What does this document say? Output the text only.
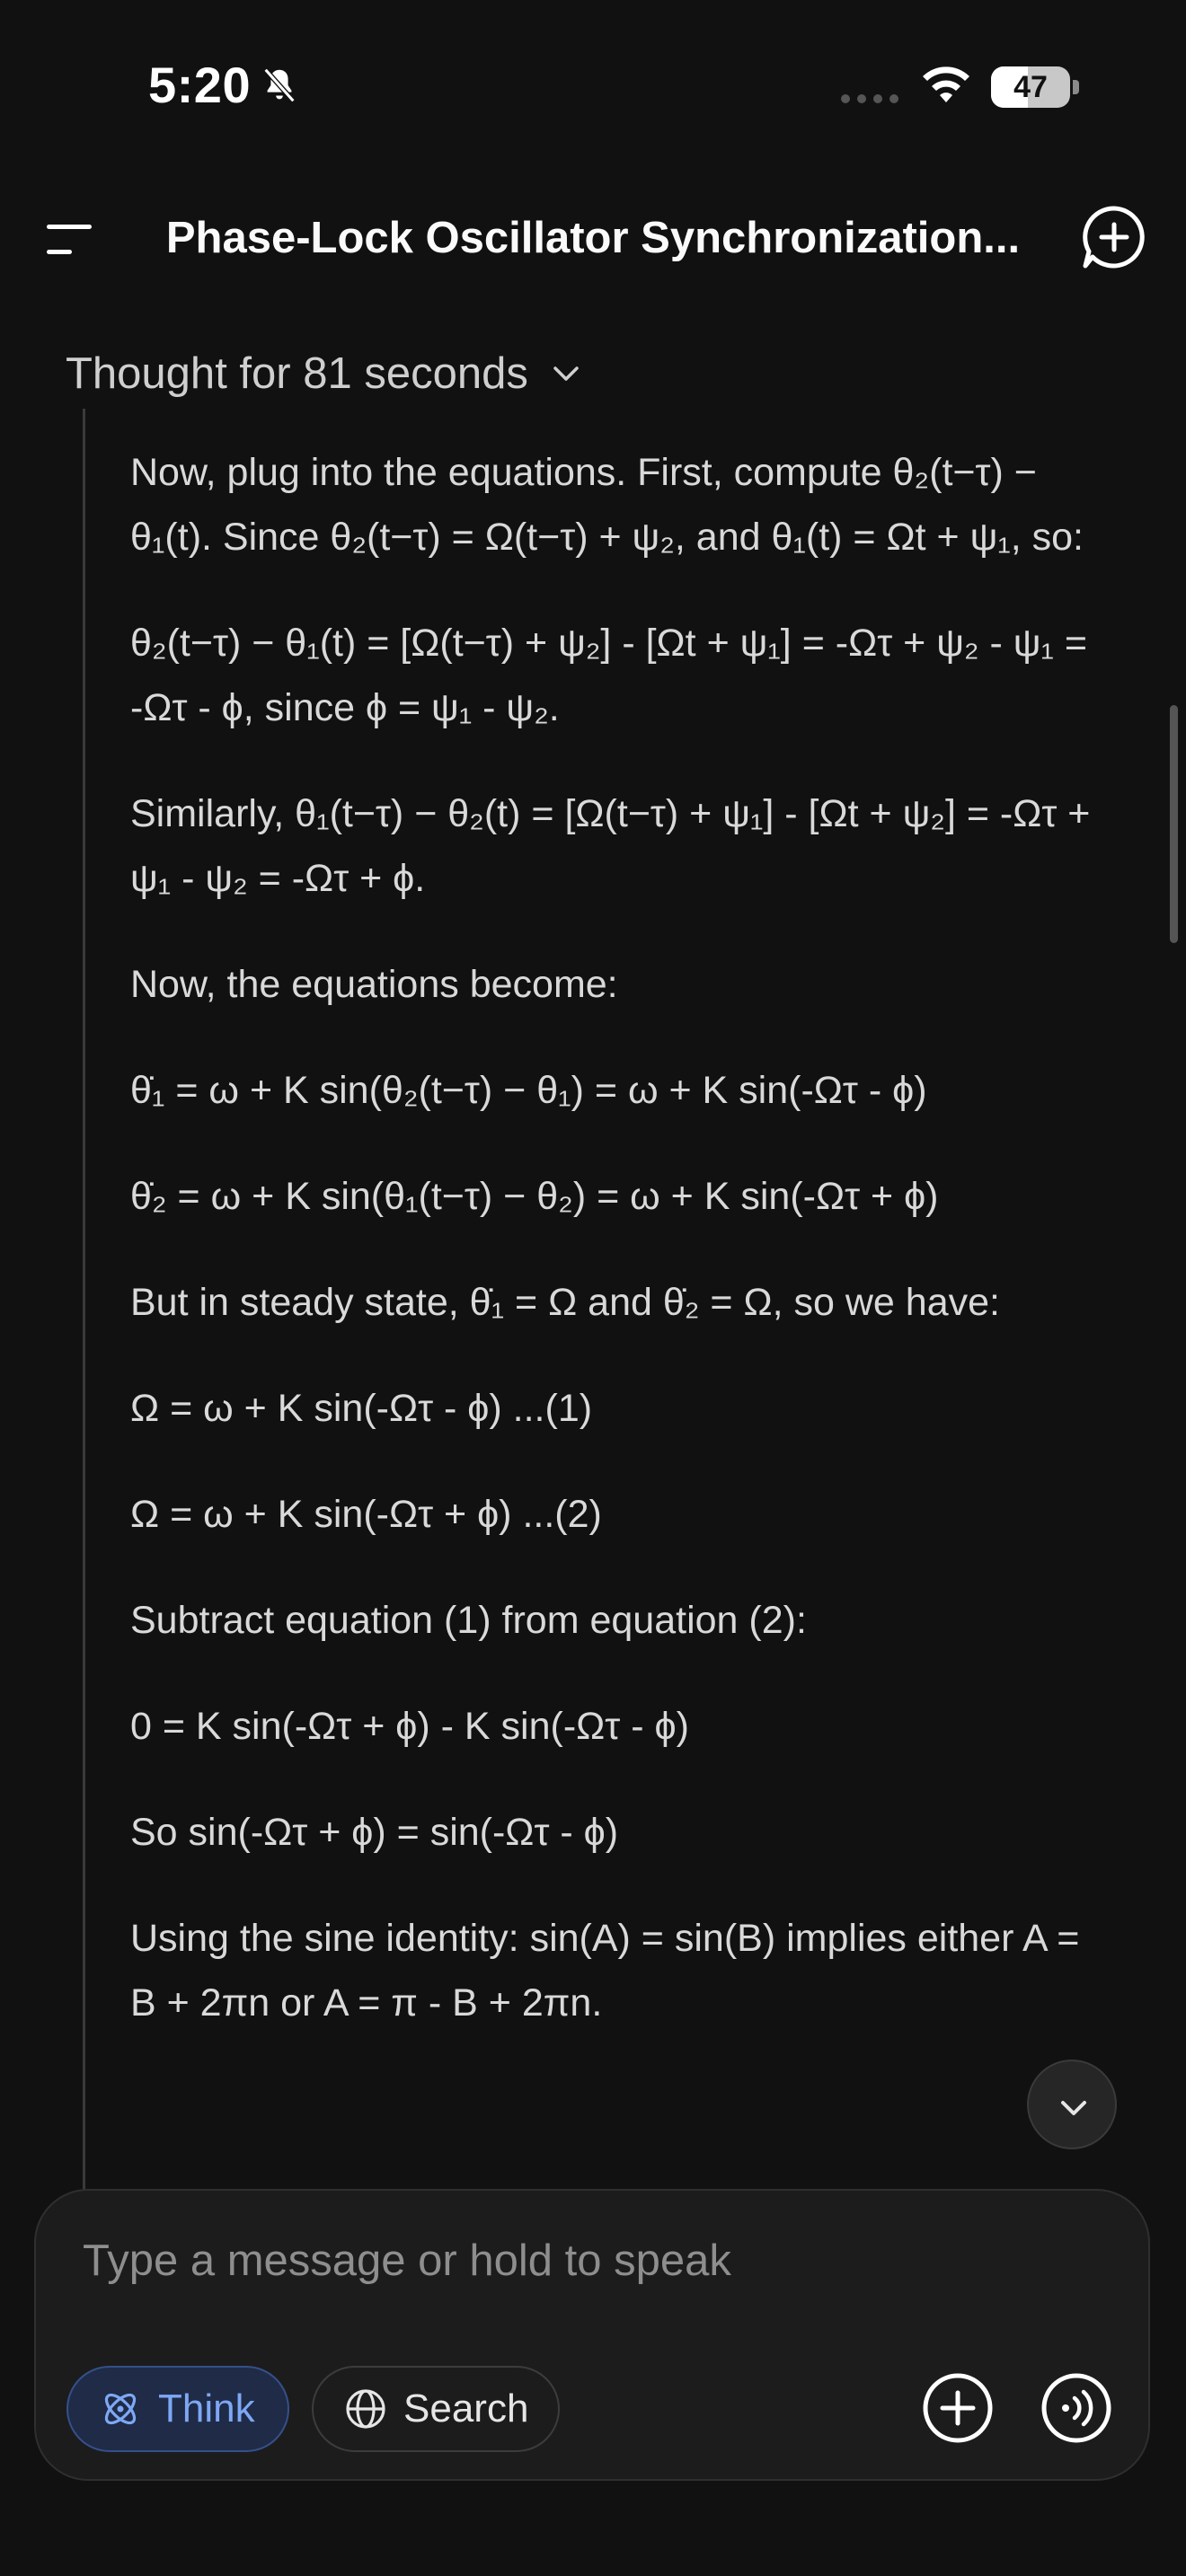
5:20	47
Phase-Lock Oscillator Synchronization...
Thought for 81 seconds

Now, plug into the equations. First, compute θ₂(t−τ) − θ₁(t). Since θ₂(t−τ) = Ω(t−τ) + ψ₂, and θ₁(t) = Ωt + ψ₁, so:

θ₂(t−τ) − θ₁(t) = [Ω(t−τ) + ψ₂] - [Ωt + ψ₁] = -Ωτ + ψ₂ - ψ₁ = -Ωτ - ϕ, since ϕ = ψ₁ - ψ₂.

Similarly, θ₁(t−τ) − θ₂(t) = [Ω(t−τ) + ψ₁] - [Ωt + ψ₂] = -Ωτ + ψ₁ - ψ₂ = -Ωτ + ϕ.

Now, the equations become:

θ̇₁ = ω + K sin(θ₂(t−τ) − θ₁) = ω + K sin(-Ωτ - ϕ)

θ̇₂ = ω + K sin(θ₁(t−τ) − θ₂) = ω + K sin(-Ωτ + ϕ)

But in steady state, θ̇₁ = Ω and θ̇₂ = Ω, so we have:

Ω = ω + K sin(-Ωτ - ϕ) ...(1)

Ω = ω + K sin(-Ωτ + ϕ) ...(2)

Subtract equation (1) from equation (2):

0 = K sin(-Ωτ + ϕ) - K sin(-Ωτ - ϕ)

So sin(-Ωτ + ϕ) = sin(-Ωτ - ϕ)

Using the sine identity: sin(A) = sin(B) implies either A = B + 2πn or A = π - B + 2πn.

Type a message or hold to speak
Think	Search
